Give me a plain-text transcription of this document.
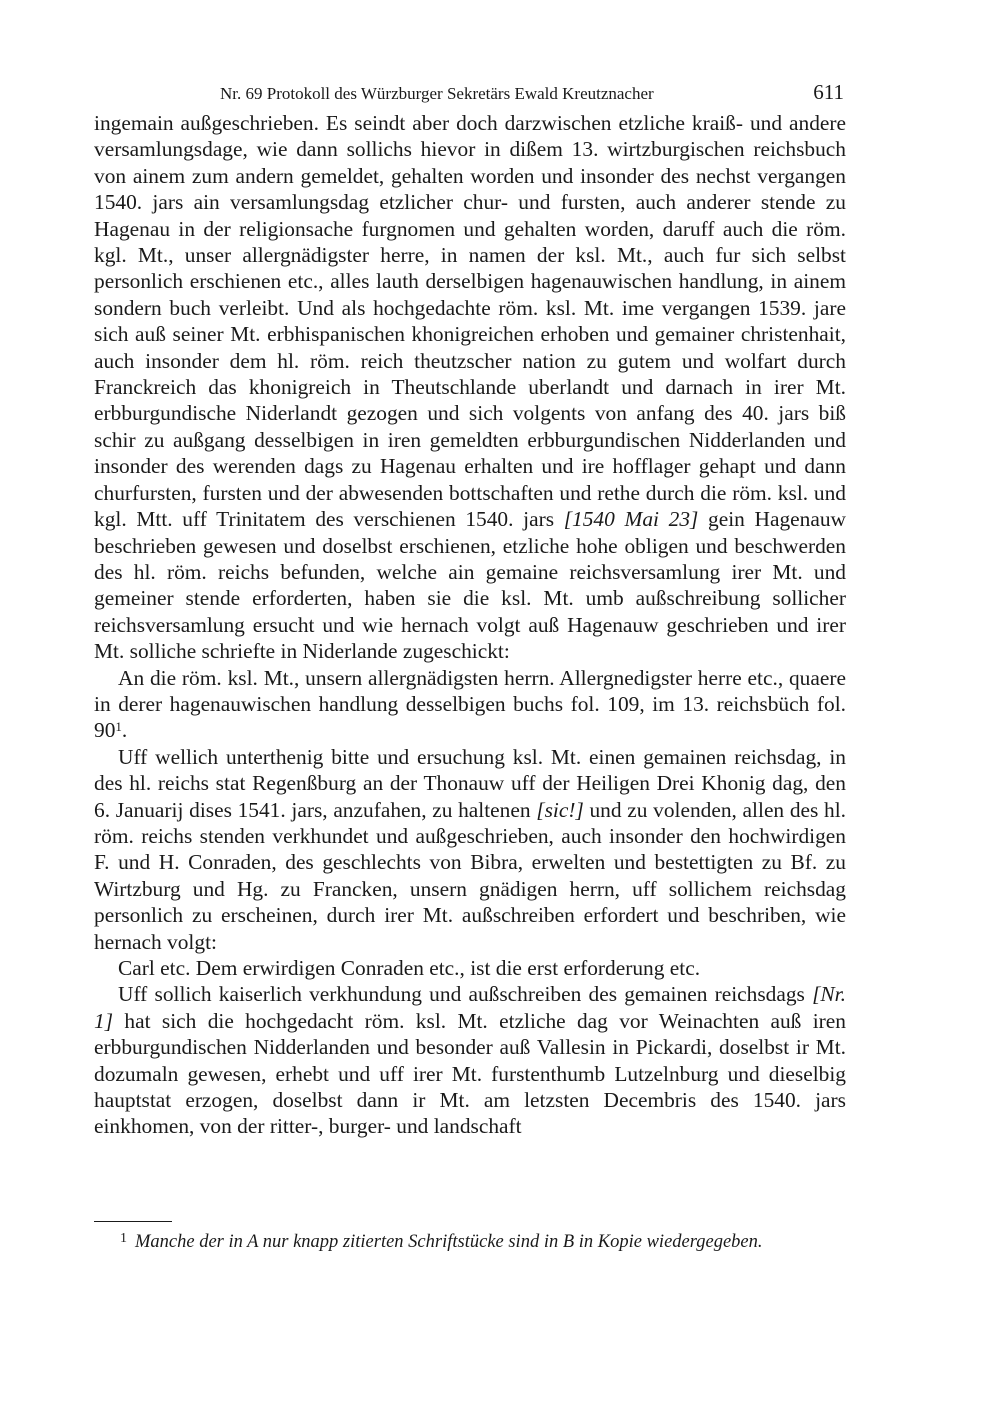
Nr. 69 Protokoll des Würzburger Sekretärs Ewald Kreutznacher	611

ingemain außgeschrieben. Es seindt aber doch darzwischen etzliche kraiß- und andere versamlungsdage, wie dann sollichs hievor in dißem 13. wirtzburgischen reichsbuch von ainem zum andern gemeldet, gehalten worden und insonder des nechst vergangen 1540. jars ain versamlungsdag etzlicher chur- und fursten, auch anderer stende zu Hagenau in der religionsache furgnomen und gehalten worden, daruff auch die röm. kgl. Mt., unser allergnädigster herre, in namen der ksl. Mt., auch fur sich selbst personlich erschienen etc., alles lauth derselbigen hagenauwischen handlung, in ainem sondern buch verleibt. Und als hochgedachte röm. ksl. Mt. ime vergangen 1539. jare sich auß seiner Mt. erbhispanischen khonigreichen erhoben und gemainer christenhait, auch insonder dem hl. röm. reich theutzscher nation zu gutem und wolfart durch Franckreich das khonigreich in Theutschlande uberlandt und darnach in irer Mt. erbburgundische Niderlandt gezogen und sich volgents von anfang des 40. jars biß schir zu außgang desselbigen in iren gemeldten erbburgundischen Nidderlanden und insonder des werenden dags zu Hagenau erhalten und ire hofflager gehapt und dann churfursten, fursten und der abwesenden bottschaften und rethe durch die röm. ksl. und kgl. Mtt. uff Trinitatem des verschienen 1540. jars [1540 Mai 23] gein Hagenauw beschrieben gewesen und doselbst erschienen, etzliche hohe obligen und beschwerden des hl. röm. reichs befunden, welche ain gemaine reichsversamlung irer Mt. und gemeiner stende erforderten, haben sie die ksl. Mt. umb außschreibung sollicher reichsversamlung ersucht und wie hernach volgt auß Hagenauw geschrieben und irer Mt. solliche schriefte in Niderlande zugeschickt:

An die röm. ksl. Mt., unsern allergnädigsten herrn. Allergnedigster herre etc., quaere in derer hagenauwischen handlung desselbigen buchs fol. 109, im 13. reichsbüch fol. 90$^1$.

Uff wellich unterthenig bitte und ersuchung ksl. Mt. einen gemainen reichsdag, in des hl. reichs stat Regenßburg an der Thonauw uff der Heiligen Drei Khonig dag, den 6. Januarij dises 1541. jars, anzufahen, zu haltenen [sic!] und zu volenden, allen des hl. röm. reichs stenden verkhundet und außgeschrieben, auch insonder den hochwirdigen F. und H. Conraden, des geschlechts von Bibra, erwelten und bestettigten zu Bf. zu Wirtzburg und Hg. zu Francken, unsern gnädigen herrn, uff sollichem reichsdag personlich zu erscheinen, durch irer Mt. außschreiben erfordert und beschriben, wie hernach volgt:

Carl etc. Dem erwirdigen Conraden etc., ist die erst erforderung etc.

Uff sollich kaiserlich verkhundung und außschreiben des gemainen reichsdags [Nr. 1] hat sich die hochgedacht röm. ksl. Mt. etzliche dag vor Weinachten auß iren erbburgundischen Nidderlanden und besonder auß Vallesin in Pickardi, doselbst ir Mt. dozumaln gewesen, erhebt und uff irer Mt. furstenthumb Lutzelnburg und dieselbig hauptstat erzogen, doselbst dann ir Mt. am letzsten Decembris des 1540. jars einkhomen, von der ritter-, burger- und landschaft

$^1$ Manche der in A nur knapp zitierten Schriftstücke sind in B in Kopie wiedergegeben.
